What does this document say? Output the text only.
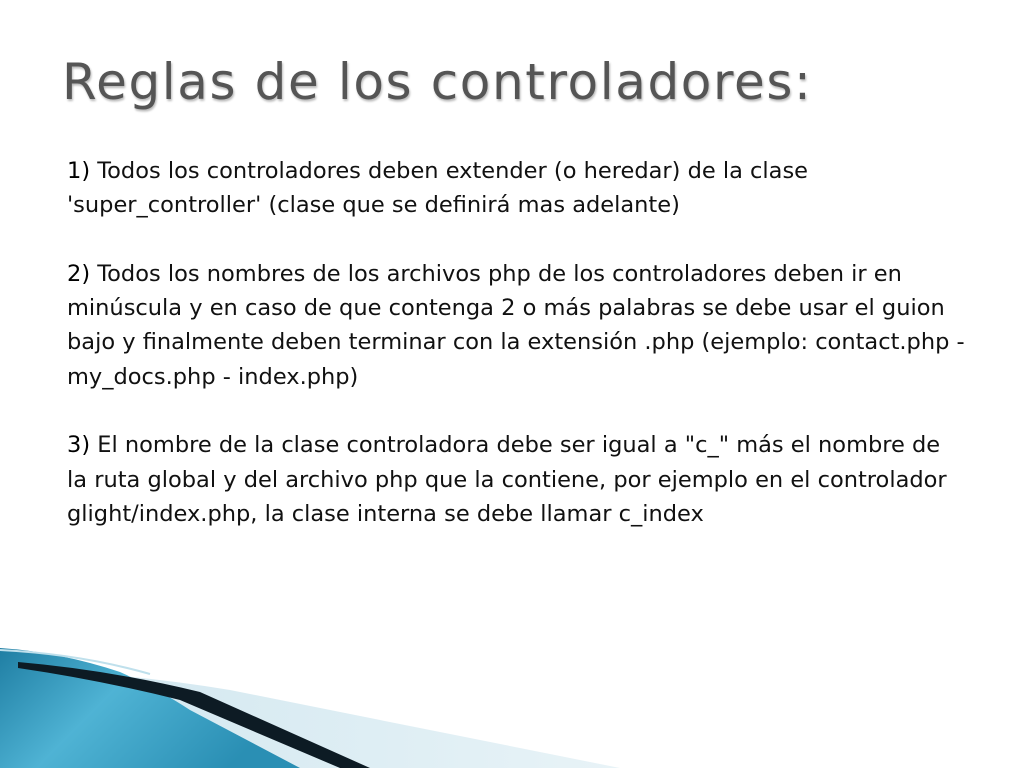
Reglas de los controladores:

1) Todos los controladores deben extender (o heredar) de la clase 'super_controller' (clase que se definirá mas adelante)

2) Todos los nombres de los archivos php de los controladores deben ir en minúscula y en caso de que contenga 2 o más palabras se debe usar el guion bajo y finalmente deben terminar con la extensión .php (ejemplo: contact.php - my_docs.php - index.php)

3) El nombre de la clase controladora debe ser igual a "c_" más el nombre de la ruta global y del archivo php que la contiene, por ejemplo en el controlador glight/index.php, la clase interna se debe llamar c_index
